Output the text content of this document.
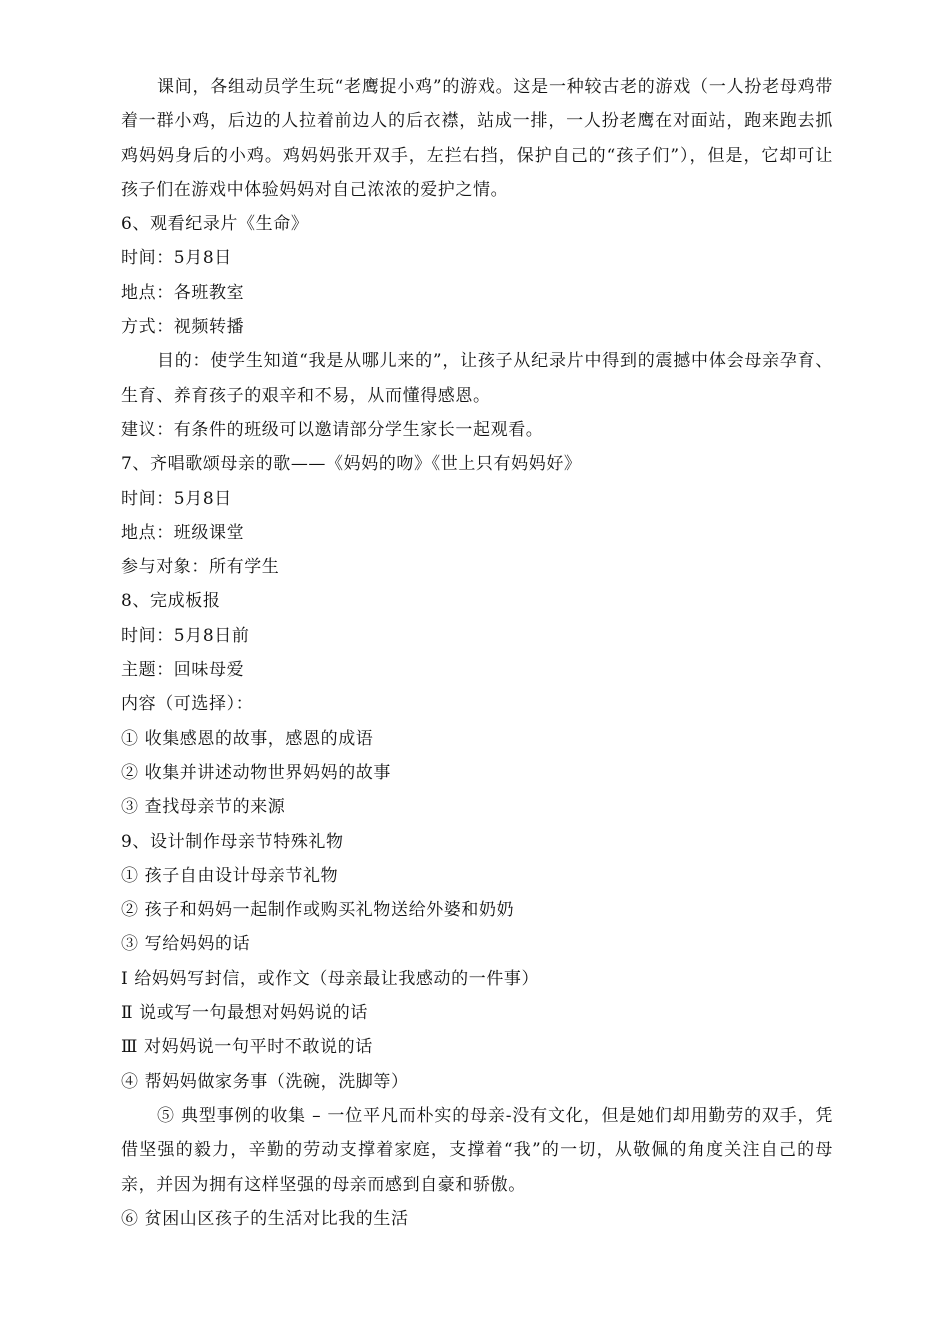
课间，各组动员学生玩“老鹰捉小鸡”的游戏。这是一种较古老的游戏（一人扮老母鸡带着一群小鸡，后边的人拉着前边人的后衣襟，站成一排，一人扮老鹰在对面站，跑来跑去抓鸡妈妈身后的小鸡。鸡妈妈张开双手，左拦右挡，保护自己的“孩子们”），但是，它却可让孩子们在游戏中体验妈妈对自己浓浓的爱护之情。

6、观看纪录片《生命》

时间：5月8日

地点：各班教室

方式：视频转播

目的：使学生知道“我是从哪儿来的”，让孩子从纪录片中得到的震撼中体会母亲孕育、生育、养育孩子的艰辛和不易，从而懂得感恩。

建议：有条件的班级可以邀请部分学生家长一起观看。

7、齐唱歌颂母亲的歌——《妈妈的吻》《世上只有妈妈好》

时间：5月8日

地点：班级课堂

参与对象：所有学生

8、完成板报

时间：5月8日前

主题：回味母爱

内容（可选择）：

① 收集感恩的故事，感恩的成语

② 收集并讲述动物世界妈妈的故事

③ 查找母亲节的来源

9、设计制作母亲节特殊礼物

① 孩子自由设计母亲节礼物

② 孩子和妈妈一起制作或购买礼物送给外婆和奶奶

③ 写给妈妈的话

Ⅰ 给妈妈写封信，或作文（母亲最让我感动的一件事）

Ⅱ 说或写一句最想对妈妈说的话

Ⅲ 对妈妈说一句平时不敢说的话

④ 帮妈妈做家务事（洗碗，洗脚等）

⑤ 典型事例的收集 – 一位平凡而朴实的母亲-没有文化，但是她们却用勤劳的双手，凭借坚强的毅力，辛勤的劳动支撑着家庭，支撑着“我”的一切，从敬佩的角度关注自己的母亲，并因为拥有这样坚强的母亲而感到自豪和骄傲。

⑥ 贫困山区孩子的生活对比我的生活
